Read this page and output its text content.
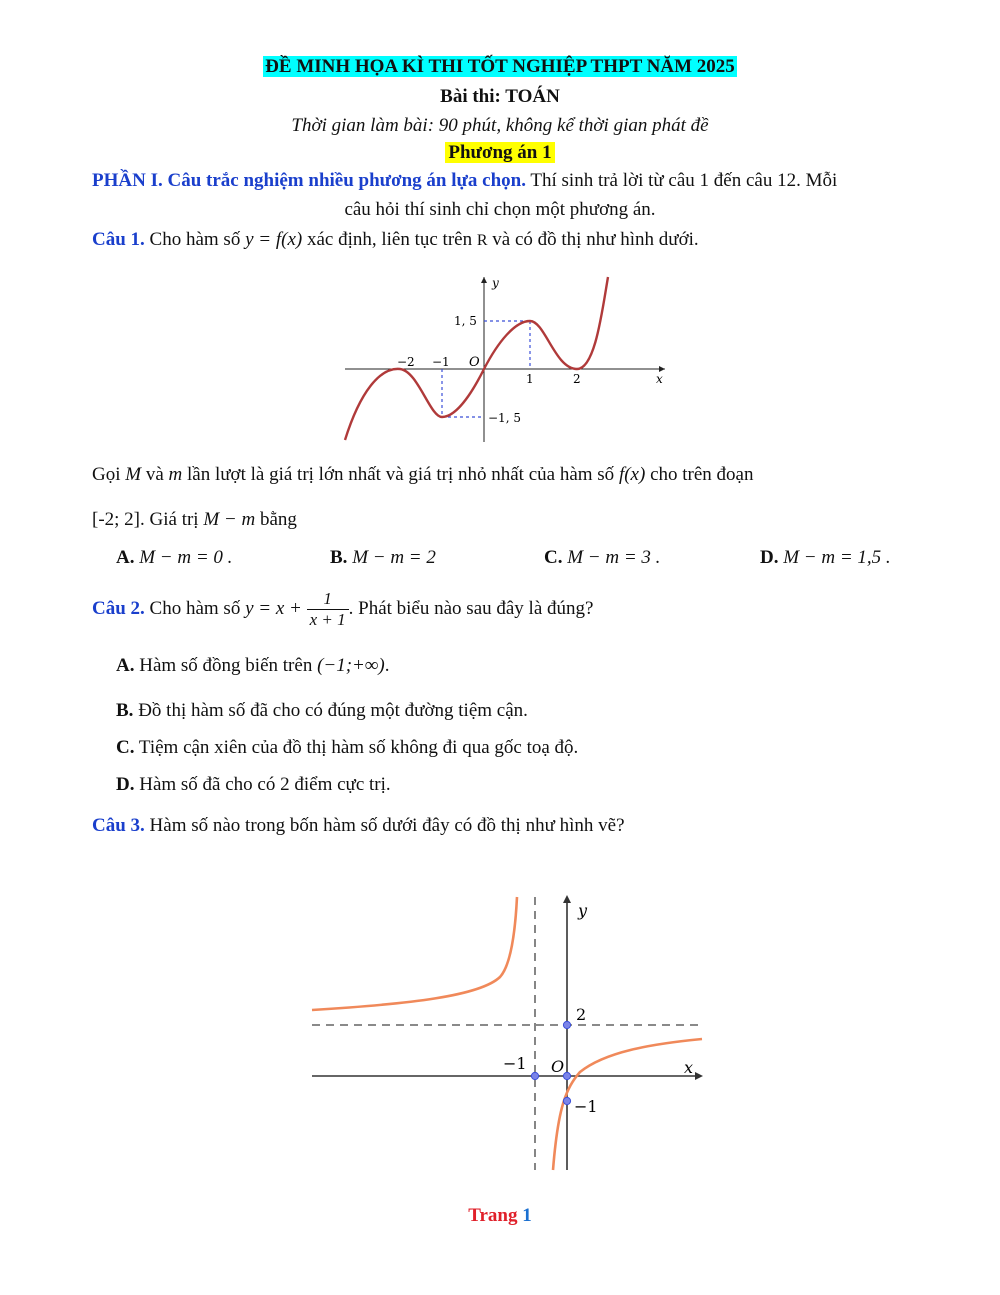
ĐỀ MINH HỌA KÌ THI TỐT NGHIỆP THPT NĂM 2025
Bài thi: TOÁN
Thời gian làm bài: 90 phút, không kể thời gian phát đề
Phương án 1
PHẦN I. Câu trắc nghiệm nhiều phương án lựa chọn. Thí sinh trả lời từ câu 1 đến câu 12. Mỗi
câu hỏi thí sinh chỉ chọn một phương án.
Câu 1. Cho hàm số y = f(x) xác định, liên tục trên R và có đồ thị như hình dưới.
−2 −1 O
1	2
1, 5
−1, 5
x
y
Gọi M và m lần lượt là giá trị lớn nhất và giá trị nhỏ nhất của hàm số f(x) cho trên đoạn
[-2; 2]. Giá trị M − m bằng
A. M − m = 0 .	B. M − m = 2	C. M − m = 3 .	D. M − m = 1,5 .
Câu 2. Cho hàm số $y = x + \frac{1}{x + 1}$ . Phát biểu nào sau đây là đúng?
A. Hàm số đồng biến trên (−1;+∞).
B. Đồ thị hàm số đã cho có đúng một đường tiệm cận.
C. Tiệm cận xiên của đồ thị hàm số không đi qua gốc toạ độ.
D. Hàm số đã cho có 2 điểm cực trị.
Câu 3. Hàm số nào trong bốn hàm số dưới đây có đồ thị như hình vẽ?
y
x
O
2
−1
−1
Trang 1
